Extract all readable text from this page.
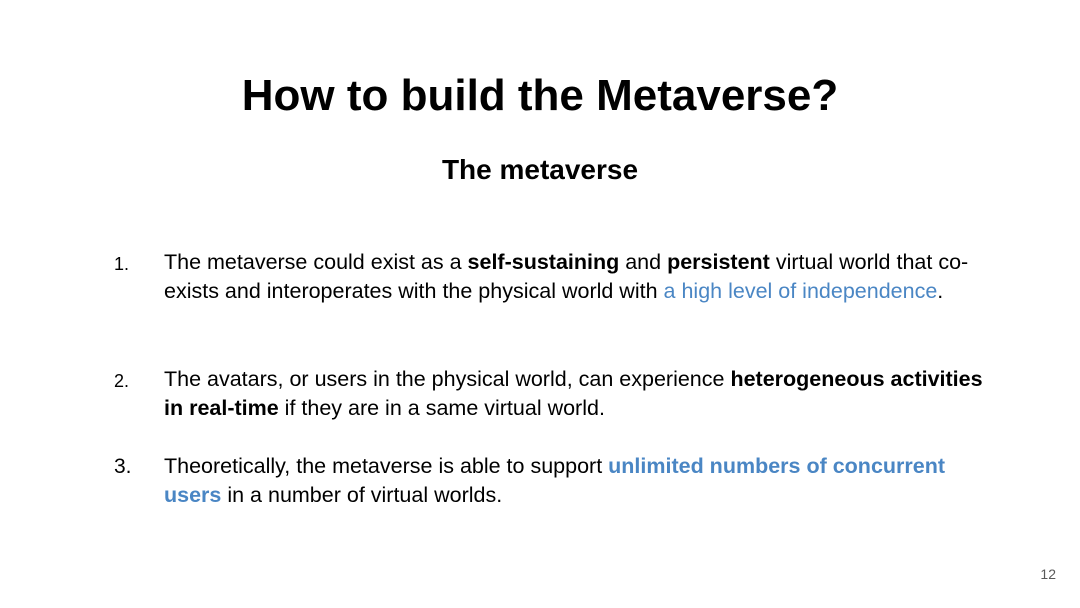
How to build the Metaverse?
The metaverse
1.	The metaverse could exist as a self-sustaining and persistent virtual world that co-exists and interoperates with the physical world with a high level of independence.
2.	The avatars, or users in the physical world, can experience heterogeneous activities in real-time if they are in a same virtual world.
3.	Theoretically, the metaverse is able to support unlimited numbers of concurrent users in a number of virtual worlds.
12
